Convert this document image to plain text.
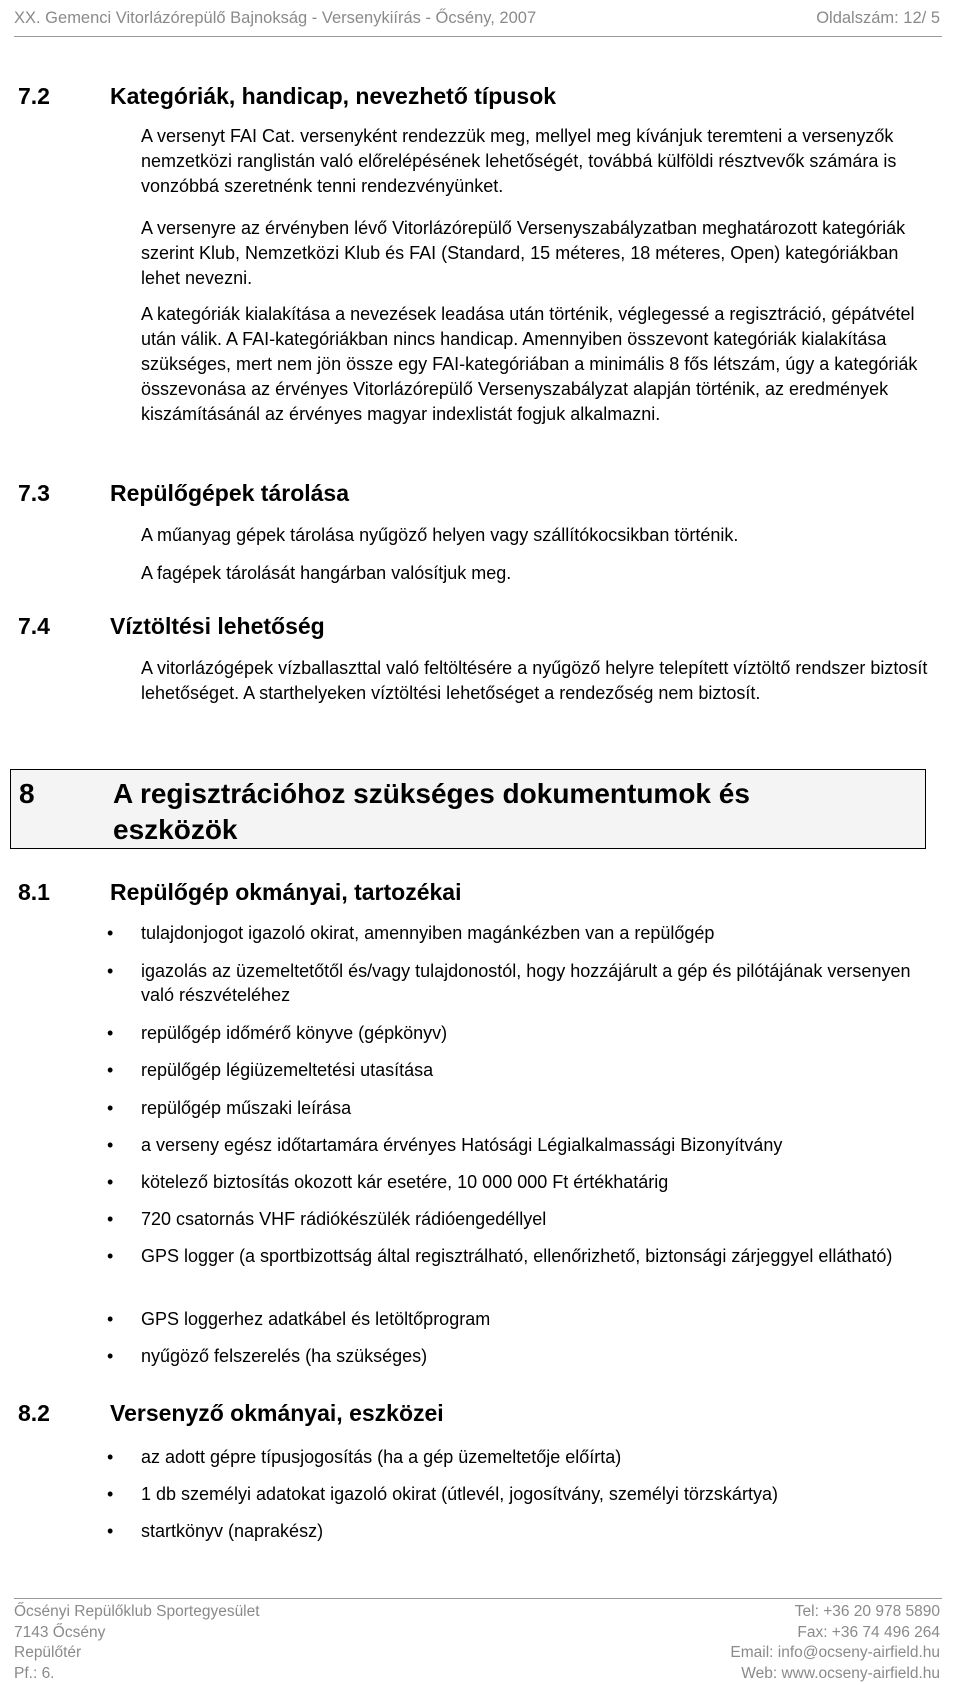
XX. Gemenci Vitorlázórepülő Bajnokság - Versenykiírás - Őcsény, 2007	Oldalszám: 12/ 5
7.2	Kategóriák, handicap, nevezhető típusok

A versenyt FAI Cat. versenyként rendezzük meg, mellyel meg kívánjuk teremteni a versenyzők nemzetközi ranglistán való előrelépésének lehetőségét, továbbá külföldi résztvevők számára is vonzóbbá szeretnénk tenni rendezvényünket.

A versenyre az érvényben lévő Vitorlázórepülő Versenyszabályzatban meghatározott kategóriák szerint Klub, Nemzetközi Klub és FAI (Standard, 15 méteres, 18 méteres, Open) kategóriákban lehet nevezni.

A kategóriák kialakítása a nevezések leadása után történik, véglegessé a regisztráció, gépátvétel után válik. A FAI-kategóriákban nincs handicap. Amennyiben összevont kategóriák kialakítása szükséges, mert nem jön össze egy FAI-kategóriában a minimális 8 fős létszám, úgy a kategóriák összevonása az érvényes Vitorlázórepülő Versenyszabályzat alapján történik, az eredmények kiszámításánál az érvényes magyar indexlistát fogjuk alkalmazni.

7.3	Repülőgépek tárolása

A műanyag gépek tárolása nyűgöző helyen vagy szállítókocsikban történik.

A fagépek tárolását hangárban valósítjuk meg.

7.4	Víztöltési lehetőség

A vitorlázógépek vízballaszttal való feltöltésére a nyűgöző helyre telepített víztöltő rendszer biztosít lehetőséget. A starthelyeken víztöltési lehetőséget a rendezőség nem biztosít.

8	A regisztrációhoz szükséges dokumentumok és eszközök
8.1	Repülőgép okmányai, tartozékai
• tulajdonjogot igazoló okirat, amennyiben magánkézben van a repülőgép
• igazolás az üzemeltetőtől és/vagy tulajdonostól, hogy hozzájárult a gép és pilótájának versenyen való részvételéhez
• repülőgép időmérő könyve (gépkönyv)
• repülőgép légiüzemeltetési utasítása
• repülőgép műszaki leírása
• a verseny egész időtartamára érvényes Hatósági Légialkalmassági Bizonyítvány
• kötelező biztosítás okozott kár esetére, 10 000 000 Ft értékhatárig
• 720 csatornás VHF rádiókészülék rádióengedéllyel
• GPS logger (a sportbizottság által regisztrálható, ellenőrizhető, biztonsági zárjeggyel ellátható)
• GPS loggerhez adatkábel és letöltőprogram
• nyűgöző felszerelés (ha szükséges)
8.2	Versenyző okmányai, eszközei
• az adott gépre típusjogosítás (ha a gép üzemeltetője előírta)
• 1 db személyi adatokat igazoló okirat (útlevél, jogosítvány, személyi törzskártya)
• startkönyv (naprakész)
Őcsényi Repülőklub Sportegyesület
7143 Őcsény
Repülőtér
Pf.: 6.
Tel: +36 20 978 5890
Fax: +36 74 496 264
Email: info@ocseny-airfield.hu
Web: www.ocseny-airfield.hu
